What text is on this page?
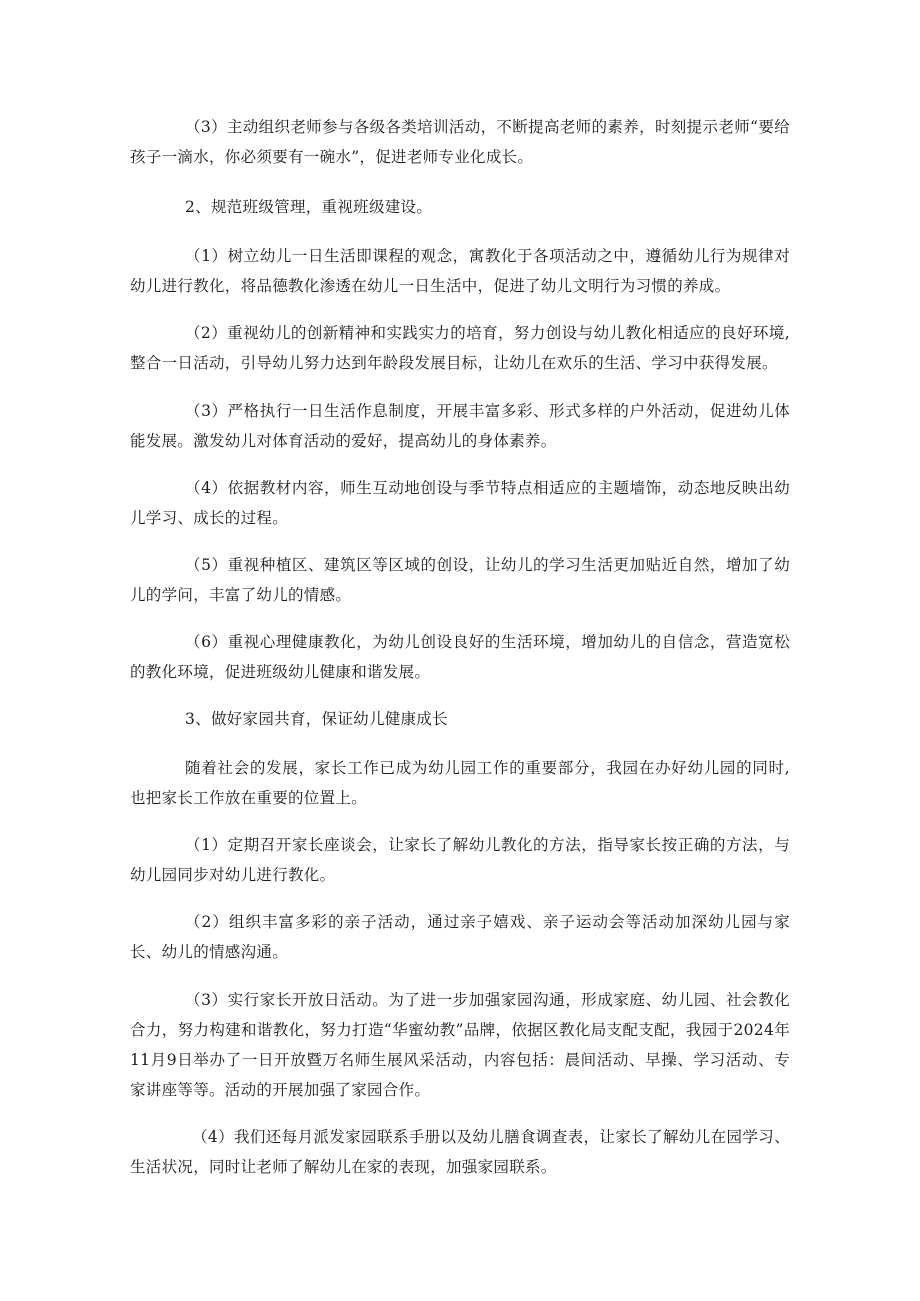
（3）主动组织老师参与各级各类培训活动，不断提高老师的素养，时刻提示老师“要给孩子一滴水，你必须要有一碗水”，促进老师专业化成长。

2、规范班级管理，重视班级建设。

（1）树立幼儿一日生活即课程的观念，寓教化于各项活动之中，遵循幼儿行为规律对幼儿进行教化，将品德教化渗透在幼儿一日生活中，促进了幼儿文明行为习惯的养成。

（2）重视幼儿的创新精神和实践实力的培育，努力创设与幼儿教化相适应的良好环境,整合一日活动，引导幼儿努力达到年龄段发展目标，让幼儿在欢乐的生活、学习中获得发展。

（3）严格执行一日生活作息制度，开展丰富多彩、形式多样的户外活动，促进幼儿体能发展。激发幼儿对体育活动的爱好，提高幼儿的身体素养。

（4）依据教材内容，师生互动地创设与季节特点相适应的主题墙饰，动态地反映出幼儿学习、成长的过程。

（5）重视种植区、建筑区等区域的创设，让幼儿的学习生活更加贴近自然，增加了幼儿的学问，丰富了幼儿的情感。

（6）重视心理健康教化，为幼儿创设良好的生活环境，增加幼儿的自信念，营造宽松的教化环境，促进班级幼儿健康和谐发展。

3、做好家园共育，保证幼儿健康成长

随着社会的发展，家长工作已成为幼儿园工作的重要部分，我园在办好幼儿园的同时,也把家长工作放在重要的位置上。

（1）定期召开家长座谈会，让家长了解幼儿教化的方法，指导家长按正确的方法，与幼儿园同步对幼儿进行教化。

（2）组织丰富多彩的亲子活动，通过亲子嬉戏、亲子运动会等活动加深幼儿园与家长、幼儿的情感沟通。

（3）实行家长开放日活动。为了进一步加强家园沟通，形成家庭、幼儿园、社会教化合力，努力构建和谐教化，努力打造“华蜜幼教”品牌，依据区教化局支配支配，我园于2024年11月9日举办了一日开放暨万名师生展风采活动，内容包括：晨间活动、早操、学习活动、专家讲座等等。活动的开展加强了家园合作。

（4）我们还每月派发家园联系手册以及幼儿膳食调查表，让家长了解幼儿在园学习、生活状况，同时让老师了解幼儿在家的表现，加强家园联系。
